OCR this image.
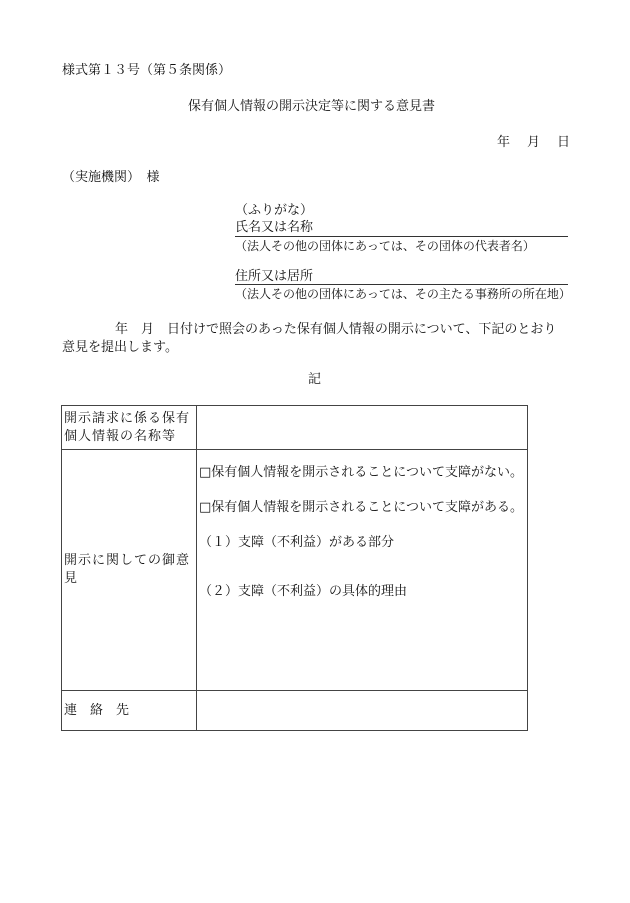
様式第１３号（第５条関係）
保有個人情報の開示決定等に関する意見書
年　月　日
（実施機関）　様
（ふりがな）
氏名又は名称
（法人その他の団体にあっては、その団体の代表者名）
住所又は居所
（法人その他の団体にあっては、その主たる事務所の所在地）
年　月　日付けで照会のあった保有個人情報の開示について、下記のとおり
意見を提出します。
記
開示請求に係る保有個人情報の名称等	

開示に関しての御意見	□保有個人情報を開示されることについて支障がない。
□保有個人情報を開示されることについて支障がある。
（１）支障（不利益）がある部分
（２）支障（不利益）の具体的理由

連　絡　先	
